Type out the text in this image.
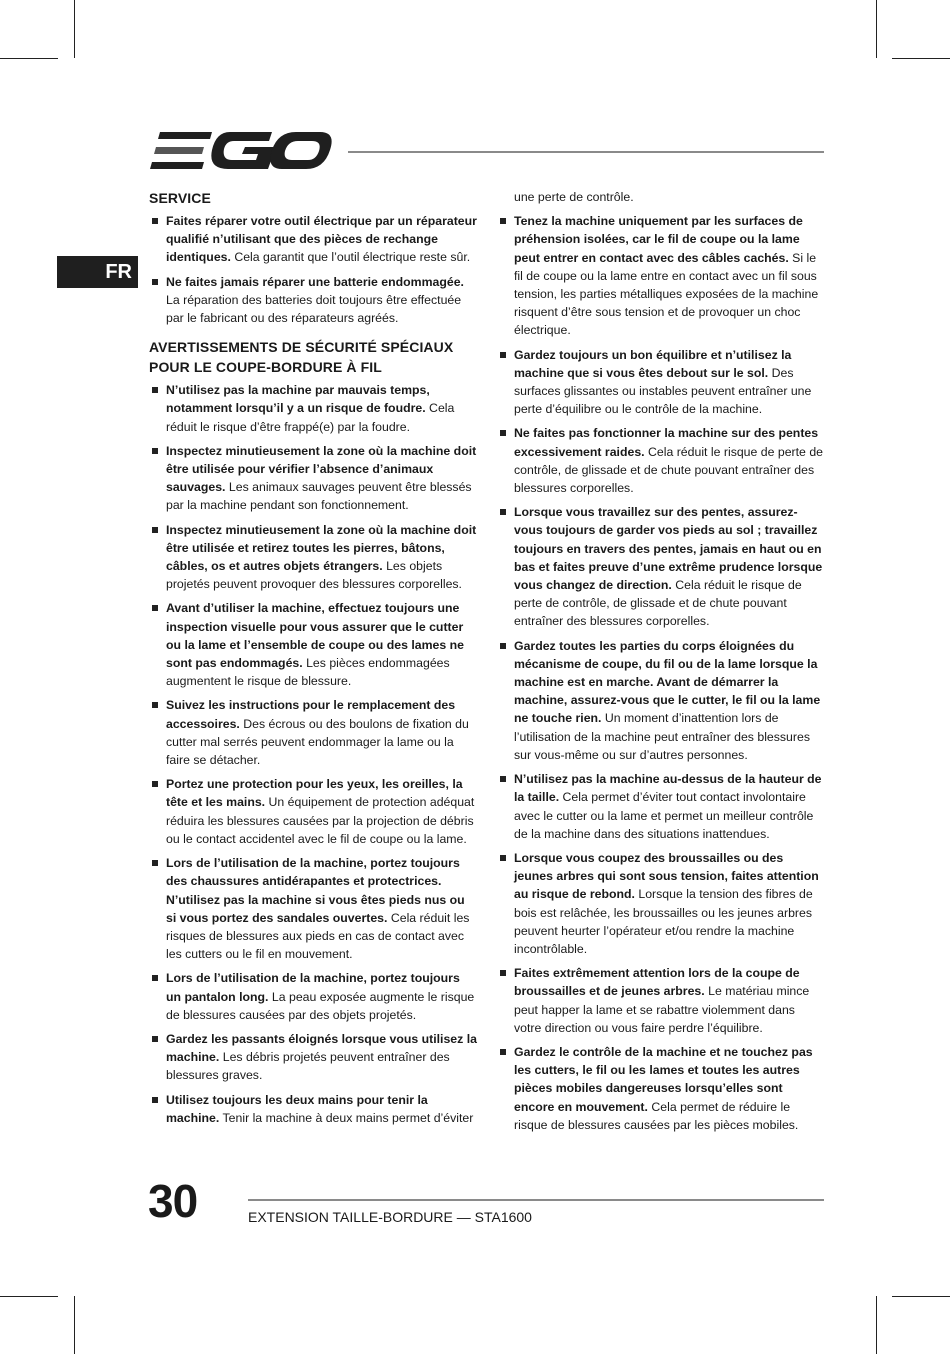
FR
SERVICE
Faites réparer votre outil électrique par un réparateur qualifié n’utilisant que des pièces de rechange identiques. Cela garantit que l’outil électrique reste sûr.
Ne faites jamais réparer une batterie endommagée. La réparation des batteries doit toujours être effectuée par le fabricant ou des réparateurs agréés.
AVERTISSEMENTS DE SÉCURITÉ SPÉCIAUX POUR LE COUPE-BORDURE À FIL
N’utilisez pas la machine par mauvais temps, notamment lorsqu’il y a un risque de foudre. Cela réduit le risque d’être frappé(e) par la foudre.
Inspectez minutieusement la zone où la machine doit être utilisée pour vérifier l’absence d’animaux sauvages. Les animaux sauvages peuvent être blessés par la machine pendant son fonctionnement.
Inspectez minutieusement la zone où la machine doit être utilisée et retirez toutes les pierres, bâtons, câbles, os et autres objets étrangers. Les objets projetés peuvent provoquer des blessures corporelles.
Avant d’utiliser la machine, effectuez toujours une inspection visuelle pour vous assurer que le cutter ou la lame et l’ensemble de coupe ou des lames ne sont pas endommagés. Les pièces endommagées augmentent le risque de blessure.
Suivez les instructions pour le remplacement des accessoires. Des écrous ou des boulons de fixation du cutter mal serrés peuvent endommager la lame ou la faire se détacher.
Portez une protection pour les yeux, les oreilles, la tête et les mains. Un équipement de protection adéquat réduira les blessures causées par la projection de débris ou le contact accidentel avec le fil de coupe ou la lame.
Lors de l’utilisation de la machine, portez toujours des chaussures antidérapantes et protectrices. N’utilisez pas la machine si vous êtes pieds nus ou si vous portez des sandales ouvertes. Cela réduit les risques de blessures aux pieds en cas de contact avec les cutters ou le fil en mouvement.
Lors de l’utilisation de la machine, portez toujours un pantalon long. La peau exposée augmente le risque de blessures causées par des objets projetés.
Gardez les passants éloignés lorsque vous utilisez la machine. Les débris projetés peuvent entraîner des blessures graves.
Utilisez toujours les deux mains pour tenir la machine. Tenir la machine à deux mains permet d’éviter
une perte de contrôle.
Tenez la machine uniquement par les surfaces de préhension isolées, car le fil de coupe ou la lame peut entrer en contact avec des câbles cachés. Si le fil de coupe ou la lame entre en contact avec un fil sous tension, les parties métalliques exposées de la machine risquent d’être sous tension et de provoquer un choc électrique.
Gardez toujours un bon équilibre et n’utilisez la machine que si vous êtes debout sur le sol. Des surfaces glissantes ou instables peuvent entraîner une perte d’équilibre ou le contrôle de la machine.
Ne faites pas fonctionner la machine sur des pentes excessivement raides. Cela réduit le risque de perte de contrôle, de glissade et de chute pouvant entraîner des blessures corporelles.
Lorsque vous travaillez sur des pentes, assurez-vous toujours de garder vos pieds au sol ; travaillez toujours en travers des pentes, jamais en haut ou en bas et faites preuve d’une extrême prudence lorsque vous changez de direction. Cela réduit le risque de perte de contrôle, de glissade et de chute pouvant entraîner des blessures corporelles.
Gardez toutes les parties du corps éloignées du mécanisme de coupe, du fil ou de la lame lorsque la machine est en marche. Avant de démarrer la machine, assurez-vous que le cutter, le fil ou la lame ne touche rien. Un moment d’inattention lors de l’utilisation de la machine peut entraîner des blessures sur vous-même ou sur d’autres personnes.
N’utilisez pas la machine au-dessus de la hauteur de la taille. Cela permet d’éviter tout contact involontaire avec le cutter ou la lame et permet un meilleur contrôle de la machine dans des situations inattendues.
Lorsque vous coupez des broussailles ou des jeunes arbres qui sont sous tension, faites attention au risque de rebond. Lorsque la tension des fibres de bois est relâchée, les broussailles ou les jeunes arbres peuvent heurter l’opérateur et/ou rendre la machine incontrôlable.
Faites extrêmement attention lors de la coupe de broussailles et de jeunes arbres. Le matériau mince peut happer la lame et se rabattre violemment dans votre direction ou vous faire perdre l’équilibre.
Gardez le contrôle de la machine et ne touchez pas les cutters, le fil ou les lames et toutes les autres pièces mobiles dangereuses lorsqu’elles sont encore en mouvement. Cela permet de réduire le risque de blessures causées par les pièces mobiles.
30	EXTENSION TAILLE-BORDURE — STA1600
